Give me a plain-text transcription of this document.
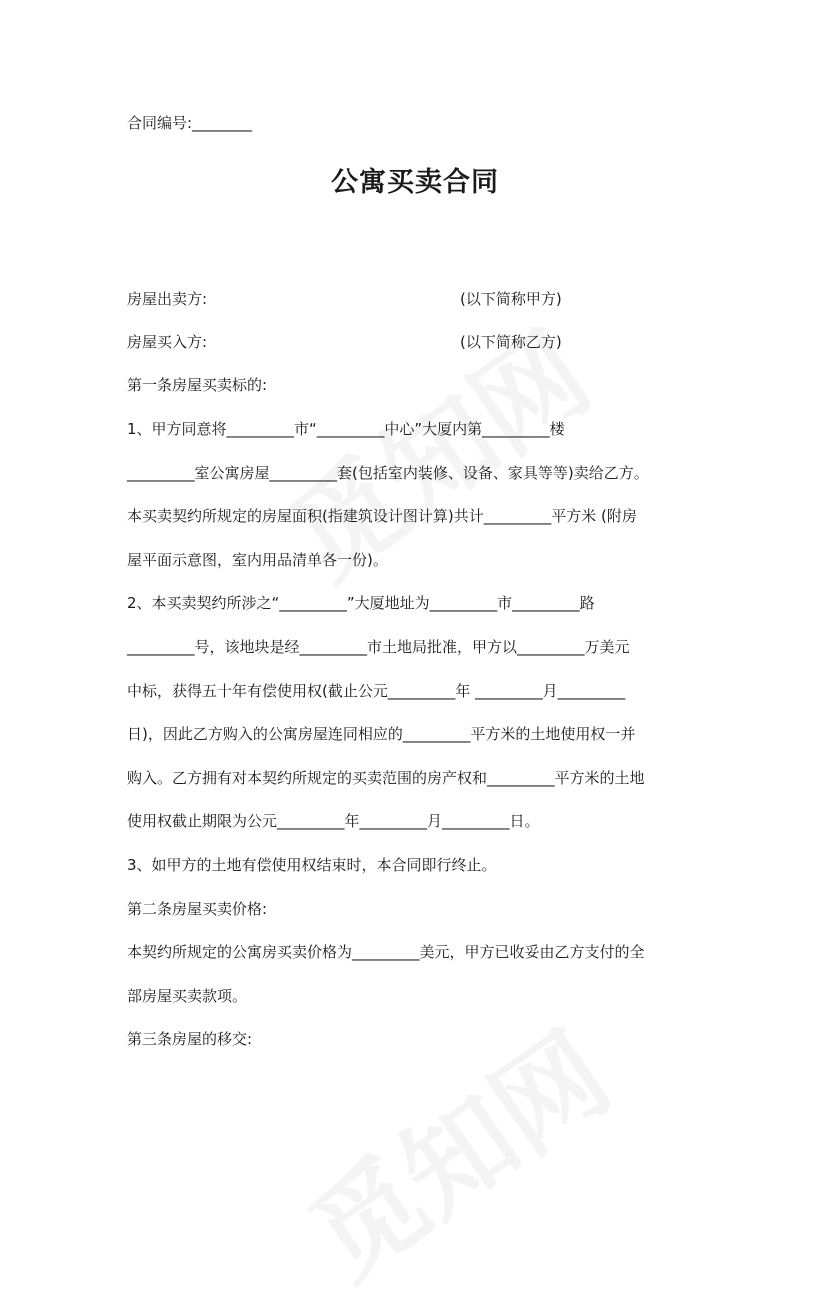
合同编号:________
公寓买卖合同
房屋出卖方:	(以下简称甲方)
房屋买入方:	(以下简称乙方)
第一条房屋买卖标的:
1、甲方同意将_________市“_________中心”大厦内第_________楼
_________室公寓房屋_________套(包括室内装修、设备、家具等等)卖给乙方。
本买卖契约所规定的房屋面积(指建筑设计图计算)共计_________平方米 (附房
屋平面示意图，室内用品清单各一份)。
2、本买卖契约所涉之“_________”大厦地址为_________市_________路
_________号，该地块是经_________市土地局批准，甲方以_________万美元
中标，获得五十年有偿使用权(截止公元_________年 _________月_________
日)，因此乙方购入的公寓房屋连同相应的_________平方米的土地使用权一并
购入。乙方拥有对本契约所规定的买卖范围的房产权和_________平方米的土地
使用权截止期限为公元_________年_________月_________日。
3、如甲方的土地有偿使用权结束时，本合同即行终止。
第二条房屋买卖价格:
本契约所规定的公寓房买卖价格为_________美元，甲方已收妥由乙方支付的全
部房屋买卖款项。
第三条房屋的移交:
